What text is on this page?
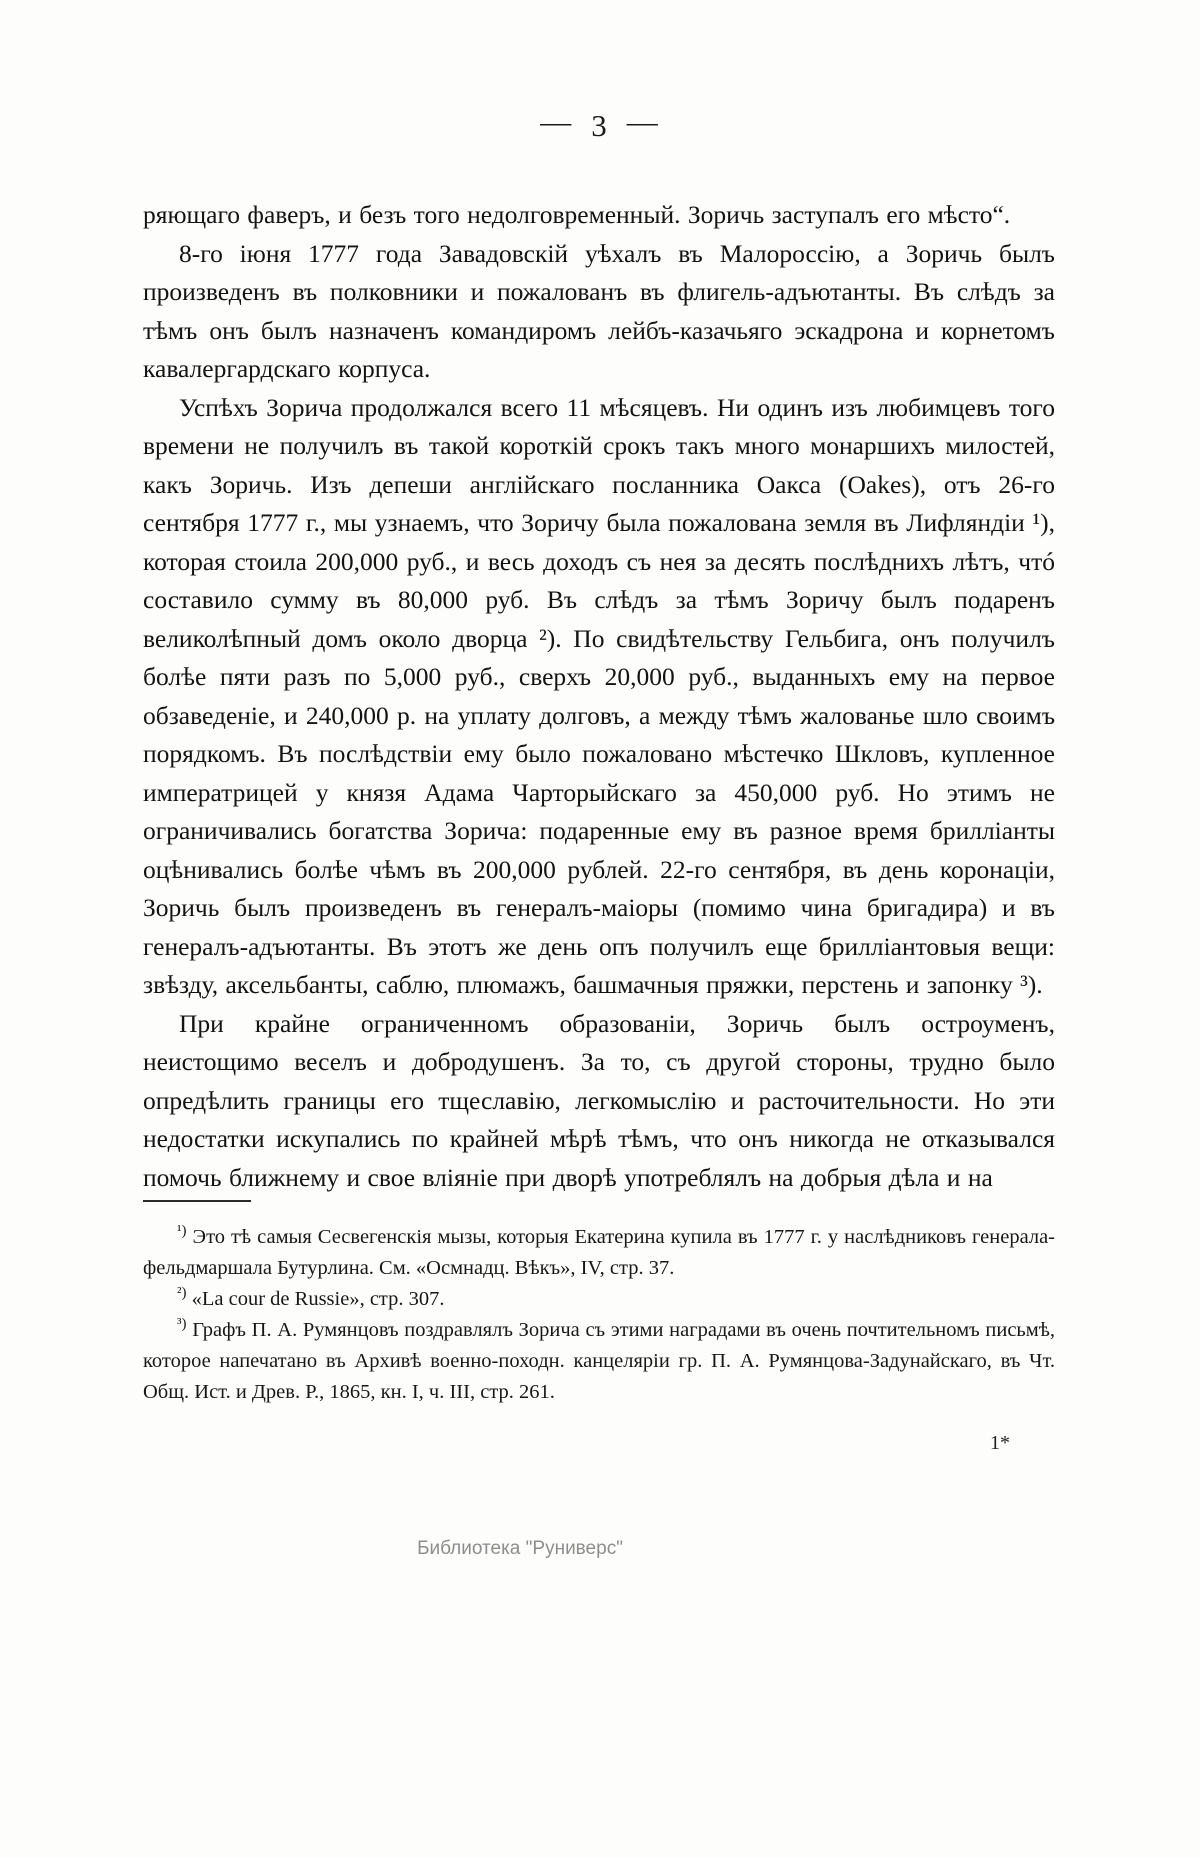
— 3 —

ряющаго фаверъ, и безъ того недолговременный. Зоричь заступалъ его мѣсто“.

8-го іюня 1777 года Завадовскій уѣхалъ въ Малороссію, а Зоричь былъ произведенъ въ полковники и пожалованъ въ флигель-адъютанты. Въ слѣдъ за тѣмъ онъ былъ назначенъ командиромъ лейбъ-казачьяго эскадрона и корнетомъ кавалергардскаго корпуса.

Успѣхъ Зорича продолжался всего 11 мѣсяцевъ. Ни одинъ изъ любимцевъ того времени не получилъ въ такой короткій срокъ такъ много монаршихъ милостей, какъ Зоричь. Изъ депеши англійскаго посланника Оакса (Oakes), отъ 26-го сентября 1777 г., мы узнаемъ, что Зоричу была пожалована земля въ Лифляндіи ¹), которая стоила 200,000 руб., и весь доходъ съ нея за десять послѣднихъ лѣтъ, чтó составило сумму въ 80,000 руб. Въ слѣдъ за тѣмъ Зоричу былъ подаренъ великолѣпный домъ около дворца ²). По свидѣтельству Гельбига, онъ получилъ болѣе пяти разъ по 5,000 руб., сверхъ 20,000 руб., выданныхъ ему на первое обзаведеніе, и 240,000 р. на уплату долговъ, а между тѣмъ жалованье шло своимъ порядкомъ. Въ послѣдствіи ему было пожаловано мѣстечко Шкловъ, купленное императрицей у князя Адама Чарторыйскаго за 450,000 руб. Но этимъ не ограничивались богатства Зорича: подаренные ему въ разное время брилліанты оцѣнивались болѣе чѣмъ въ 200,000 рублей. 22-го сентября, въ день коронаціи, Зоричь былъ произведенъ въ генералъ-маіоры (помимо чина бригадира) и въ генералъ-адъютанты. Въ этотъ же день опъ получилъ еще бриллiантовыя вещи: звѣзду, аксельбанты, саблю, плюмажъ, башмачныя пряжки, перстень и запонку ³).

При крайне ограниченномъ образованіи, Зоричь былъ остроуменъ, неистощимо веселъ и добродушенъ. За то, съ другой стороны, трудно было опредѣлить границы его тщеславію, легкомыслію и расточительности. Но эти недостатки искупались по крайней мѣрѣ тѣмъ, что онъ никогда не отказывался помочь ближнему и свое вліяніе при дворѣ употреблялъ на добрыя дѣла и на

$^{^1)}$ Это тѣ самыя Сесвегенскія мызы, которыя Екатерина купила въ 1777 г. у наслѣдниковъ генерала-фельдмаршала Бутурлина. См. «Осмнадц. Вѣкъ», IV, стр. 37.

$^{^2)}$ «La cour de Russie», стр. 307.

$^{^3)}$ Графъ П. А. Румянцовъ поздравлялъ Зорича съ этими наградами въ очень почтительномъ письмѣ, которое напечатано въ Архивѣ военно-походн. канцеляріи гр. П. А. Румянцова-Задунайскаго, въ Чт. Общ. Ист. и Древ. Р., 1865, кн. I, ч. III, стр. 261.

1*
Библиотека "Руниверс"
